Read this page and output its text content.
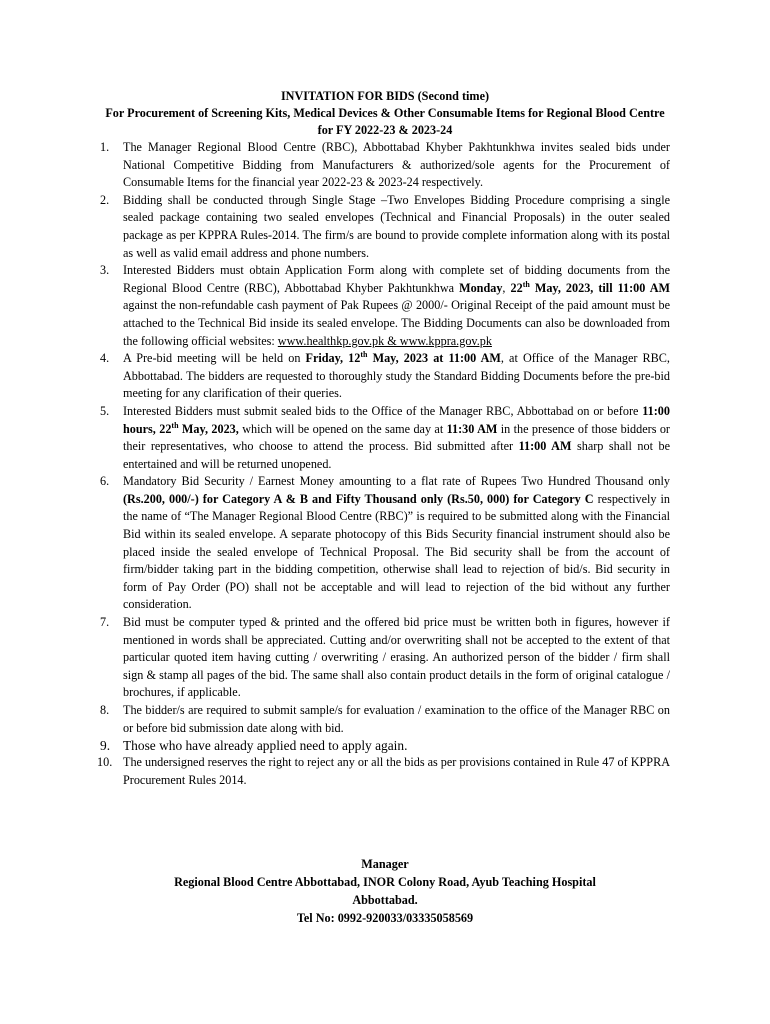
INVITATION FOR BIDS (Second time)

For Procurement of Screening Kits, Medical Devices & Other Consumable Items for Regional Blood Centre for FY 2022-23 & 2023-24

1. The Manager Regional Blood Centre (RBC), Abbottabad Khyber Pakhtunkhwa invites sealed bids under National Competitive Bidding from Manufacturers & authorized/sole agents for the Procurement of Consumable Items for the financial year 2022-23 & 2023-24 respectively.
2. Bidding shall be conducted through Single Stage –Two Envelopes Bidding Procedure comprising a single sealed package containing two sealed envelopes (Technical and Financial Proposals) in the outer sealed package as per KPPRA Rules-2014. The firm/s are bound to provide complete information along with its postal as well as valid email address and phone numbers.
3. Interested Bidders must obtain Application Form along with complete set of bidding documents from the Regional Blood Centre (RBC), Abbottabad Khyber Pakhtunkhwa Monday, 22th May, 2023, till 11:00 AM against the non-refundable cash payment of Pak Rupees @ 2000/- Original Receipt of the paid amount must be attached to the Technical Bid inside its sealed envelope. The Bidding Documents can also be downloaded from the following official websites: www.healthkp.gov.pk & www.kppra.gov.pk
4. A Pre-bid meeting will be held on Friday, 12th May, 2023 at 11:00 AM, at Office of the Manager RBC, Abbottabad. The bidders are requested to thoroughly study the Standard Bidding Documents before the pre-bid meeting for any clarification of their queries.
5. Interested Bidders must submit sealed bids to the Office of the Manager RBC, Abbottabad on or before 11:00 hours, 22th May, 2023, which will be opened on the same day at 11:30 AM in the presence of those bidders or their representatives, who choose to attend the process. Bid submitted after 11:00 AM sharp shall not be entertained and will be returned unopened.
6. Mandatory Bid Security / Earnest Money amounting to a flat rate of Rupees Two Hundred Thousand only (Rs.200, 000/-) for Category A & B and Fifty Thousand only (Rs.50, 000) for Category C respectively in the name of “The Manager Regional Blood Centre (RBC)” is required to be submitted along with the Financial Bid within its sealed envelope. A separate photocopy of this Bids Security financial instrument should also be placed inside the sealed envelope of Technical Proposal. The Bid security shall be from the account of firm/bidder taking part in the bidding competition, otherwise shall lead to rejection of bid/s. Bid security in form of Pay Order (PO) shall not be acceptable and will lead to rejection of the bid without any further consideration.
7. Bid must be computer typed & printed and the offered bid price must be written both in figures, however if mentioned in words shall be appreciated. Cutting and/or overwriting shall not be accepted to the extent of that particular quoted item having cutting / overwriting / erasing. An authorized person of the bidder / firm shall sign & stamp all pages of the bid. The same shall also contain product details in the form of original catalogue / brochures, if applicable.
8. The bidder/s are required to submit sample/s for evaluation / examination to the office of the Manager RBC on or before bid submission date along with bid.
9. Those who have already applied need to apply again.
10. The undersigned reserves the right to reject any or all the bids as per provisions contained in Rule 47 of KPPRA Procurement Rules 2014.
Manager
Regional Blood Centre Abbottabad, INOR Colony Road, Ayub Teaching Hospital
Abbottabad.
Tel No: 0992-920033/03335058569
